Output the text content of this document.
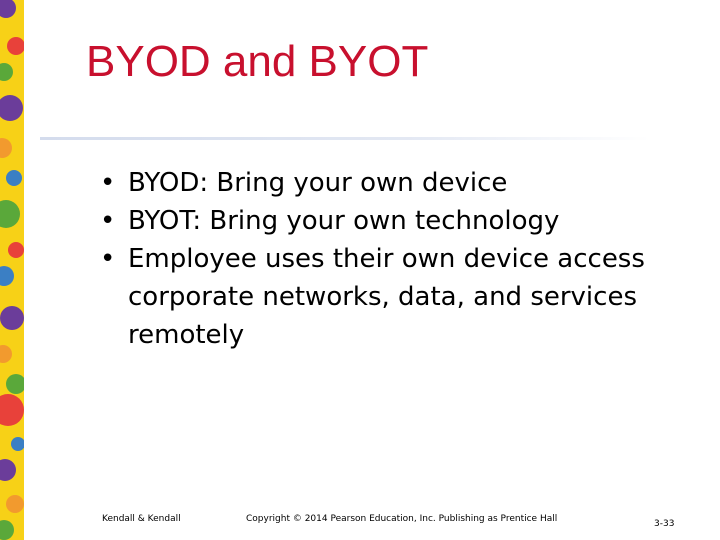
BYOD and BYOT
• BYOD: Bring your own device
• BYOT: Bring your own technology
• Employee uses their own device access corporate networks, data, and services remotely
Kendall & Kendall	Copyright © 2014 Pearson Education, Inc. Publishing as Prentice Hall	3-33
